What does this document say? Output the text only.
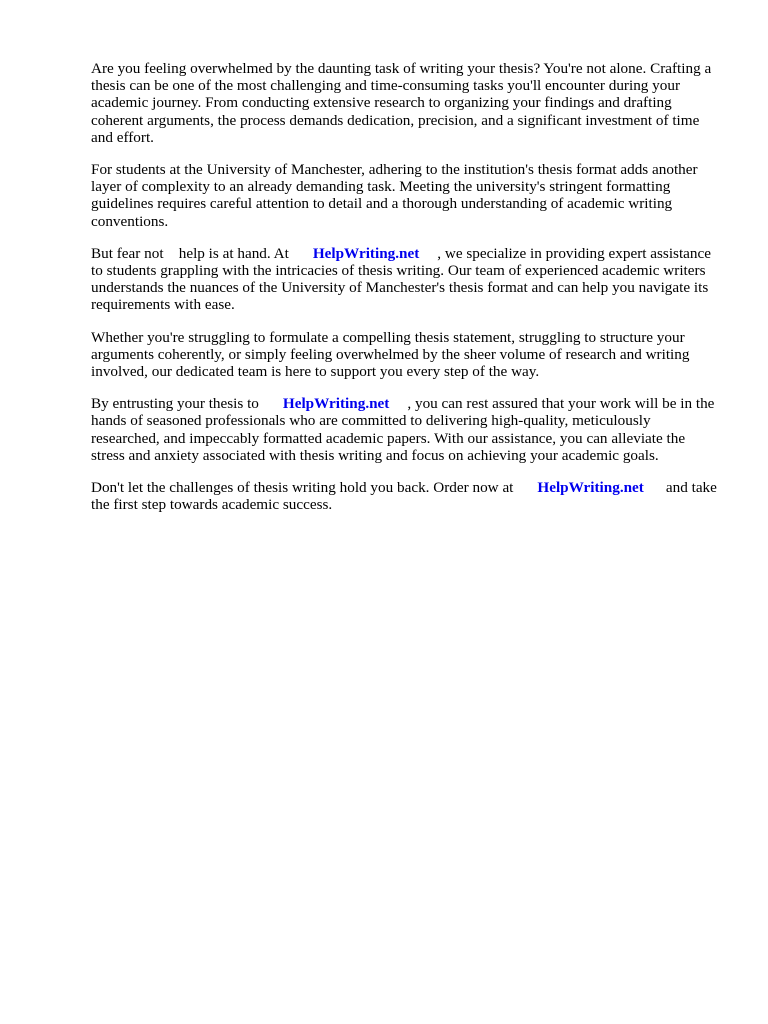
Are you feeling overwhelmed by the daunting task of writing your thesis? You're not alone. Crafting a thesis can be one of the most challenging and time-consuming tasks you'll encounter during your academic journey. From conducting extensive research to organizing your findings and drafting coherent arguments, the process demands dedication, precision, and a significant investment of time and effort.

For students at the University of Manchester, adhering to the institution's thesis format adds another layer of complexity to an already demanding task. Meeting the university's stringent formatting guidelines requires careful attention to detail and a thorough understanding of academic writing conventions.

But fear not    help is at hand. At HelpWriting.net , we specialize in providing expert assistance to students grappling with the intricacies of thesis writing. Our team of experienced academic writers understands the nuances of the University of Manchester's thesis format and can help you navigate its requirements with ease.

Whether you're struggling to formulate a compelling thesis statement, struggling to structure your arguments coherently, or simply feeling overwhelmed by the sheer volume of research and writing involved, our dedicated team is here to support you every step of the way.

By entrusting your thesis to HelpWriting.net , you can rest assured that your work will be in the hands of seasoned professionals who are committed to delivering high-quality, meticulously researched, and impeccably formatted academic papers. With our assistance, you can alleviate the stress and anxiety associated with thesis writing and focus on achieving your academic goals.

Don't let the challenges of thesis writing hold you back. Order now at HelpWriting.net and take the first step towards academic success.
